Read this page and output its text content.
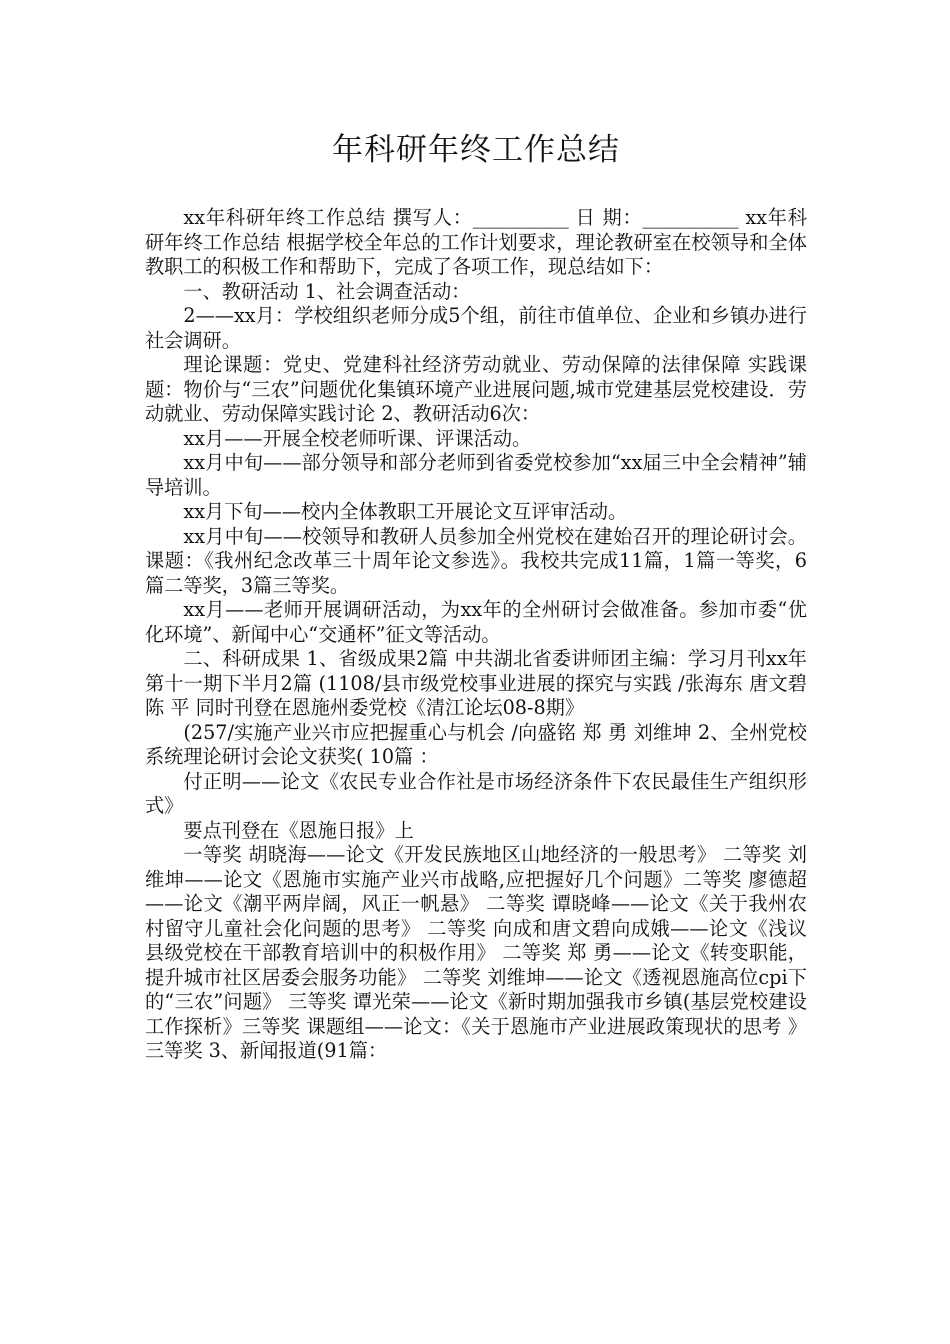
年科研年终工作总结

xx年科研年终工作总结 撰写人：__________ 日 期：__________ xx年科研年终工作总结 根据学校全年总的工作计划要求，理论教研室在校领导和全体教职工的积极工作和帮助下，完成了各项工作，现总结如下：

一、教研活动 1、社会调查活动：

2——xx月：学校组织老师分成5个组，前往市值单位、企业和乡镇办进行社会调研。

理论课题：党史、党建科社经济劳动就业、劳动保障的法律保障 实践课题：物价与“三农”问题优化集镇环境产业进展问题,城市党建基层党校建设．劳动就业、劳动保障实践讨论 2、教研活动6次：

xx月——开展全校老师听课、评课活动。

xx月中旬——部分领导和部分老师到省委党校参加“xx届三中全会精神”辅导培训。

xx月下旬——校内全体教职工开展论文互评审活动。

xx月中旬——校领导和教研人员参加全州党校在建始召开的理论研讨会。课题：《我州纪念改革三十周年论文参选》。我校共完成11篇，1篇一等奖，6篇二等奖，3篇三等奖。

xx月——老师开展调研活动，为xx年的全州研讨会做准备。参加市委“优化环境”、新闻中心“交通杯”征文等活动。

二、科研成果 1、省级成果2篇 中共湖北省委讲师团主编：学习月刊xx年第十一期下半月2篇 (1108/县市级党校事业进展的探究与实践 /张海东 唐文碧 陈 平 同时刊登在恩施州委党校《清江论坛08-8期》

(257/实施产业兴市应把握重心与机会 /向盛铭 郑 勇 刘维坤 2、全州党校系统理论研讨会论文获奖( 10篇 ：

付正明——论文《农民专业合作社是市场经济条件下农民最佳生产组织形式》

要点刊登在《恩施日报》上

一等奖 胡晓海——论文《开发民族地区山地经济的一般思考》 二等奖 刘维坤——论文《恩施市实施产业兴市战略,应把握好几个问题》二等奖 廖德超——论文《潮平两岸阔，风正一帆悬》 二等奖 谭晓峰——论文《关于我州农村留守儿童社会化问题的思考》 二等奖 向成和唐文碧向成娥——论文《浅议县级党校在干部教育培训中的积极作用》 二等奖 郑 勇——论文《转变职能，提升城市社区居委会服务功能》 二等奖 刘维坤——论文《透视恩施高位cpi下的“三农”问题》 三等奖 谭光荣——论文《新时期加强我市乡镇(基层党校建设工作探析》三等奖 课题组——论文：《关于恩施市产业进展政策现状的思考 》 三等奖 3、新闻报道(91篇：
